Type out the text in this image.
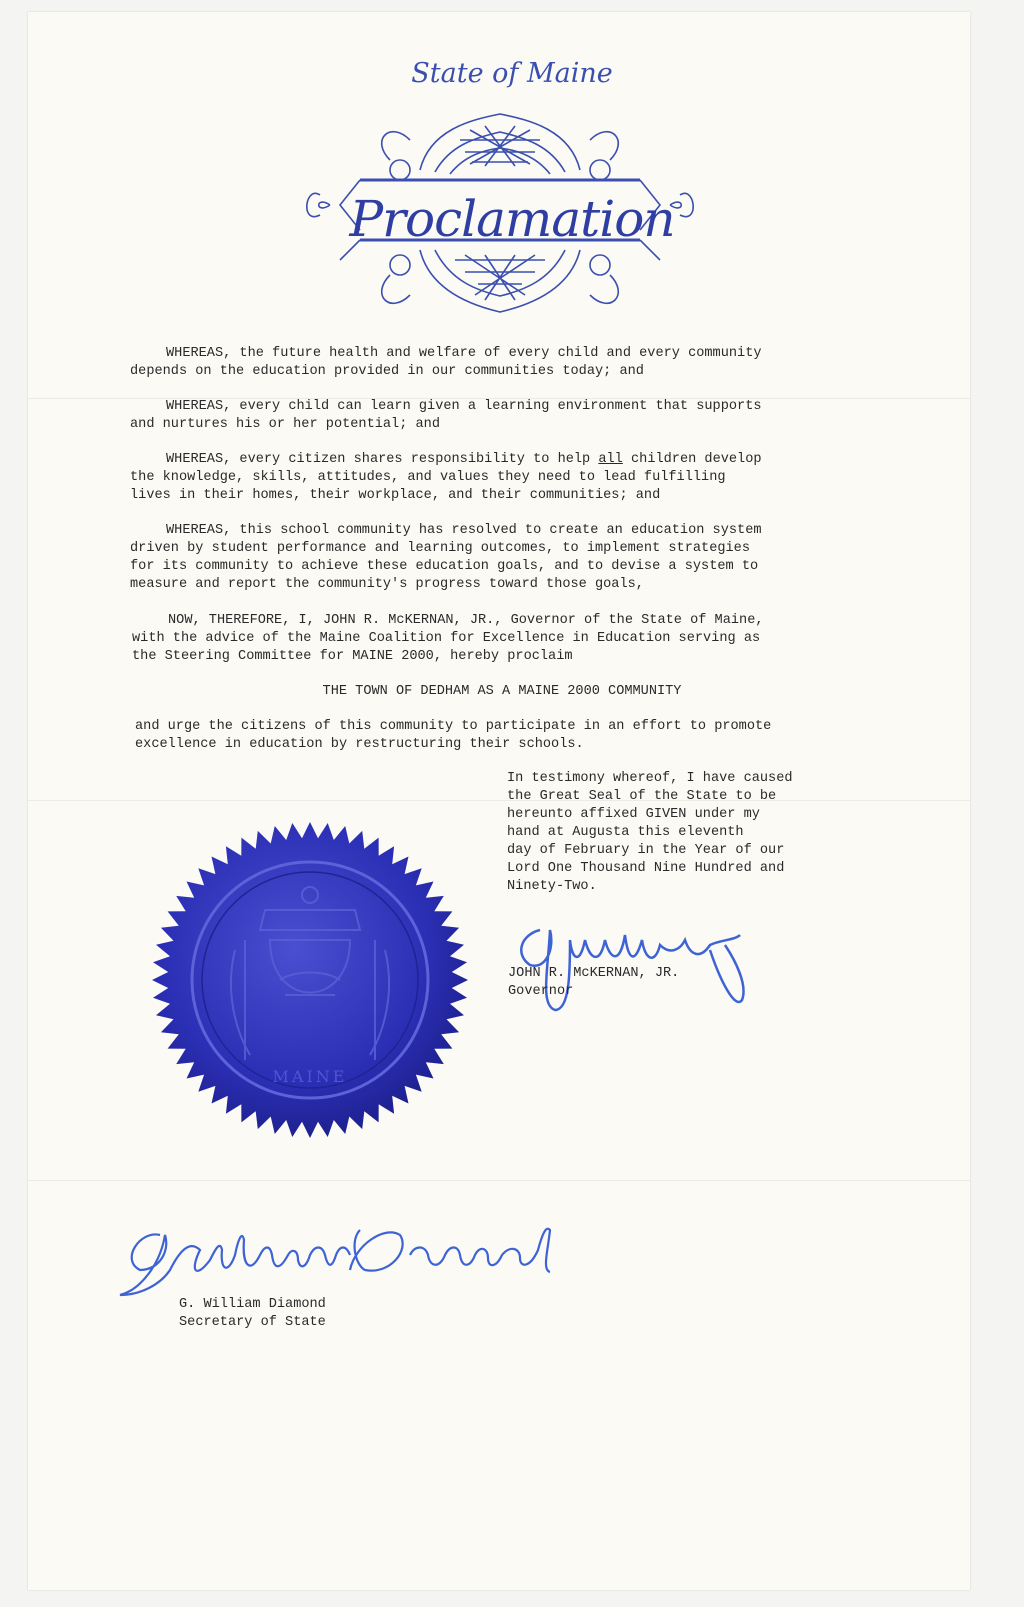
State of Maine
Proclamation
WHEREAS, the future health and welfare of every child and every community
depends on the education provided in our communities today; and
WHEREAS, every child can learn given a learning environment that supports
and nurtures his or her potential; and
WHEREAS, every citizen shares responsibility to help all children develop
the knowledge, skills, attitudes, and values they need to lead fulfilling
lives in their homes, their workplace, and their communities; and
WHEREAS, this school community has resolved to create an education system
driven by student performance and learning outcomes, to implement strategies
for its community to achieve these education goals, and to devise a system to
measure and report the community's progress toward those goals,
NOW, THEREFORE, I, JOHN R. McKERNAN, JR., Governor of the State of Maine,
with the advice of the Maine Coalition for Excellence in Education serving as
the Steering Committee for MAINE 2000, hereby proclaim
THE TOWN OF DEDHAM AS A MAINE 2000 COMMUNITY
and urge the citizens of this community to participate in an effort to promote
excellence in education by restructuring their schools.
In testimony whereof, I have caused
the Great Seal of the State to be
hereunto affixed GIVEN under my
hand at Augusta this eleventh
day of February in the Year of our
Lord One Thousand Nine Hundred and
Ninety-Two.
MAINE
JOHN R. McKERNAN, JR.
Governor
G. William Diamond
Secretary of State
